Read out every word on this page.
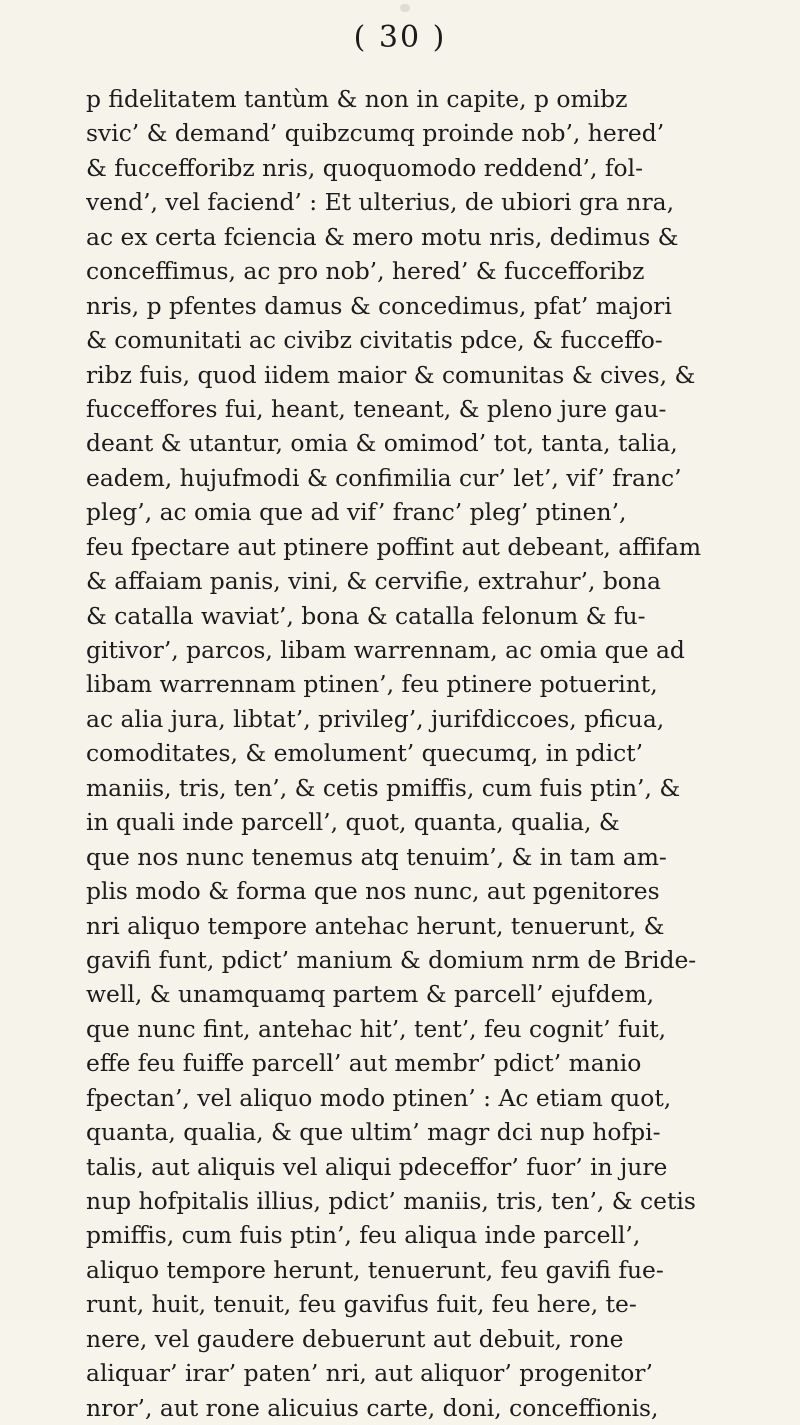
( 30 )
p fidelitatem tantùm & non in capite, p omibz
svic’ & demand’ quibzcumq proinde nob’, hered’
& fuccefforibz nris, quoquomodo reddend’, fol-
vend’, vel faciend’ : Et ulterius, de ubiori gra nra,
ac ex certa fciencia & mero motu nris, dedimus &
conceffimus, ac pro nob’, hered’ & fuccefforibz
nris, p pfentes damus & concedimus, pfat’ majori
& comunitati ac civibz civitatis pdce, & fucceffo-
ribz fuis, quod iidem maior & comunitas & cives, &
fucceffores fui, heant, teneant, & pleno jure gau-
deant & utantur, omia & omimod’ tot, tanta, talia,
eadem, hujufmodi & confimilia cur’ let’, vif’ franc’
pleg’, ac omia que ad vif’ franc’ pleg’ ptinen’,
feu fpectare aut ptinere poffint aut debeant, affifam
& affaiam panis, vini, & cervifie, extrahur’, bona
& catalla waviat’, bona & catalla felonum & fu-
gitivor’, parcos, libam warrennam, ac omia que ad
libam warrennam ptinen’, feu ptinere potuerint,
ac alia jura, libtat’, privileg’, jurifdiccoes, pficua,
comoditates, & emolument’ quecumq, in pdict’
maniis, tris, ten’, & cetis pmiffis, cum fuis ptin’, &
in quali inde parcell’, quot, quanta, qualia, &
que nos nunc tenemus atq tenuim’, & in tam am-
plis modo & forma que nos nunc, aut pgenitores
nri aliquo tempore antehac herunt, tenuerunt, &
gavifi funt, pdict’ manium & domium nrm de Bride-
well, & unamquamq partem & parcell’ ejufdem,
que nunc fint, antehac hit’, tent’, feu cognit’ fuit,
effe feu fuiffe parcell’ aut membr’ pdict’ manio
fpectan’, vel aliquo modo ptinen’ : Ac etiam quot,
quanta, qualia, & que ultim’ magr dci nup hofpi-
talis, aut aliquis vel aliqui pdeceffor’ fuor’ in jure
nup hofpitalis illius, pdict’ maniis, tris, ten’, & cetis
pmiffis, cum fuis ptin’, feu aliqua inde parcell’,
aliquo tempore herunt, tenuerunt, feu gavifi fue-
runt, huit, tenuit, feu gavifus fuit, feu here, te-
nere, vel gaudere debuerunt aut debuit, rone
aliquar’ irar’ paten’ nri, aut aliquor’ progenitor’
nror’, aut rone alicuius carte, doni, conceffionis,
